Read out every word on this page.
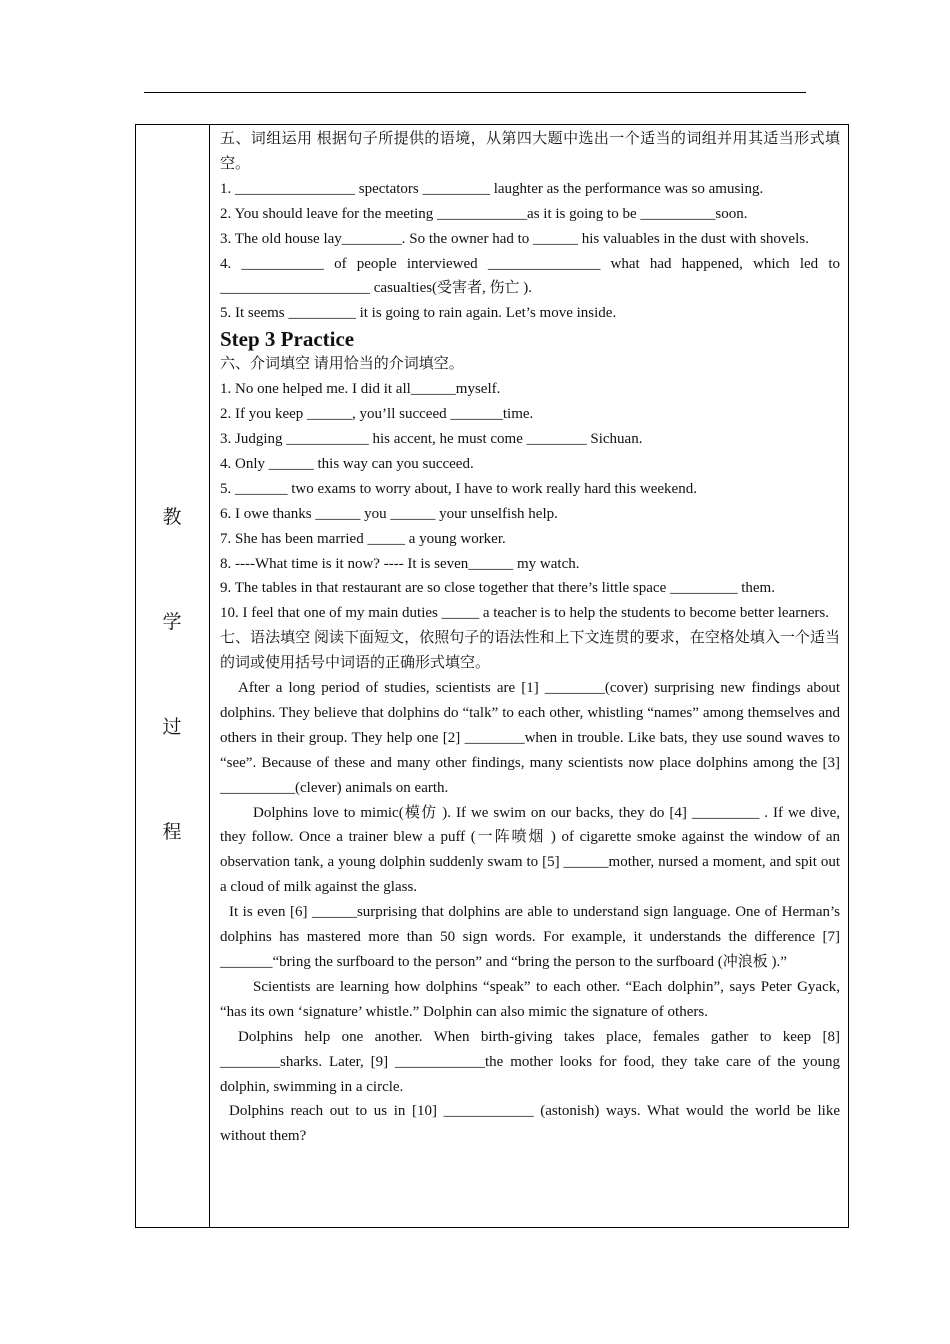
教
学
过
程

五、词组运用 根据句子所提供的语境，从第四大题中选出一个适当的词组并用其适当形式填空。

1. ________________ spectators _________ laughter as the performance was so amusing.

2. You should leave for the meeting ____________as it is going to be __________soon.

3. The old house lay________. So the owner had to ______ his valuables in the dust with shovels.

4. ___________ of people interviewed _______________ what had happened, which led to ____________________ casualties(受害者, 伤亡 ).

5. It seems _________ it is going to rain again. Let’s move inside.

Step 3 Practice

六、介词填空 请用恰当的介词填空。

1. No one helped me. I did it all______myself.

2. If you keep ______, you’ll succeed _______time.

3. Judging ___________ his accent, he must come ________ Sichuan.

4. Only ______ this way can you succeed.

5. _______ two exams to worry about, I have to work really hard this weekend.

6. I owe thanks ______ you ______ your unselfish help.

7. She has been married _____ a young worker.

8. ----What time is it now? ---- It is seven______ my watch.

9. The tables in that restaurant are so close together that there’s little space _________ them.

10. I feel that one of my main duties _____ a teacher is to help the students to become better learners.

七、语法填空 阅读下面短文，依照句子的语法性和上下文连贯的要求，在空格处填入一个适当的词或使用括号中词语的正确形式填空。

After a long period of studies, scientists are [1] ________(cover) surprising new findings about dolphins. They believe that dolphins do “talk” to each other, whistling “names” among themselves and others in their group. They help one [2] ________when in trouble. Like bats, they use sound waves to “see”. Because of these and many other findings, many scientists now place dolphins among the [3] __________(clever) animals on earth.

Dolphins love to mimic(模仿 ). If we swim on our backs, they do [4] _________ . If we dive, they follow. Once a trainer blew a puff (一阵喷烟 ) of cigarette smoke against the window of an observation tank, a young dolphin suddenly swam to [5] ______mother, nursed a moment, and spit out a cloud of milk against the glass.

It is even [6] ______surprising that dolphins are able to understand sign language. One of Herman’s dolphins has mastered more than 50 sign words. For example, it understands the difference [7] _______“bring the surfboard to the person” and “bring the person to the surfboard (冲浪板 ).”

Scientists are learning how dolphins “speak” to each other. “Each dolphin”, says Peter Gyack, “has its own ‘signature’ whistle.” Dolphin can also mimic the signature of others.

Dolphins help one another. When birth-giving takes place, females gather to keep [8] ________sharks. Later, [9] ____________the mother looks for food, they take care of the young dolphin, swimming in a circle.

Dolphins reach out to us in [10] ____________ (astonish) ways. What would the world be like without them?
